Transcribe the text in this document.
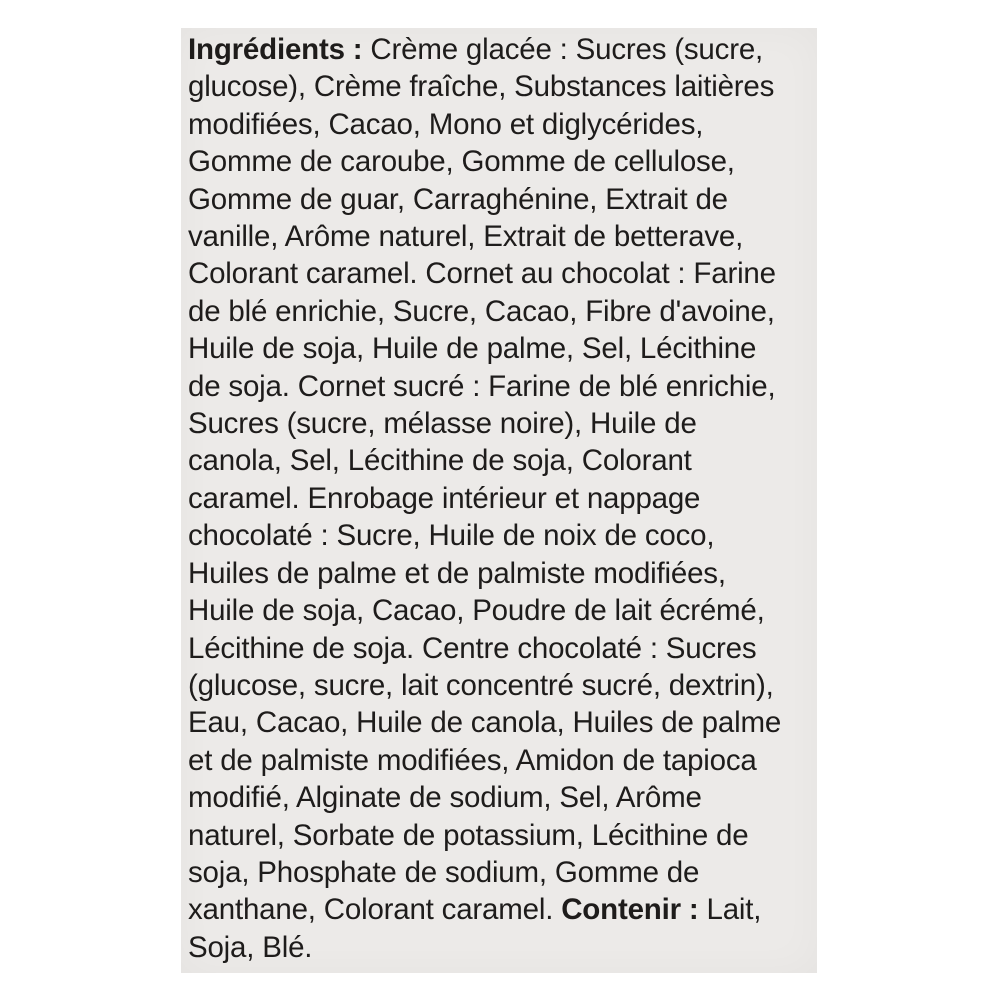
Ingrédients : Crème glacée : Sucres (sucre,
glucose), Crème fraîche, Substances laitières
modifiées, Cacao, Mono et diglycérides,
Gomme de caroube, Gomme de cellulose,
Gomme de guar, Carraghénine, Extrait de
vanille, Arôme naturel, Extrait de betterave,
Colorant caramel. Cornet au chocolat : Farine
de blé enrichie, Sucre, Cacao, Fibre d'avoine,
Huile de soja, Huile de palme, Sel, Lécithine
de soja. Cornet sucré : Farine de blé enrichie,
Sucres (sucre, mélasse noire), Huile de
canola, Sel, Lécithine de soja, Colorant
caramel. Enrobage intérieur et nappage
chocolaté : Sucre, Huile de noix de coco,
Huiles de palme et de palmiste modifiées,
Huile de soja, Cacao, Poudre de lait écrémé,
Lécithine de soja. Centre chocolaté : Sucres
(glucose, sucre, lait concentré sucré, dextrin),
Eau, Cacao, Huile de canola, Huiles de palme
et de palmiste modifiées, Amidon de tapioca
modifié, Alginate de sodium, Sel, Arôme
naturel, Sorbate de potassium, Lécithine de
soja, Phosphate de sodium, Gomme de
xanthane, Colorant caramel. Contenir : Lait,
Soja, Blé.
